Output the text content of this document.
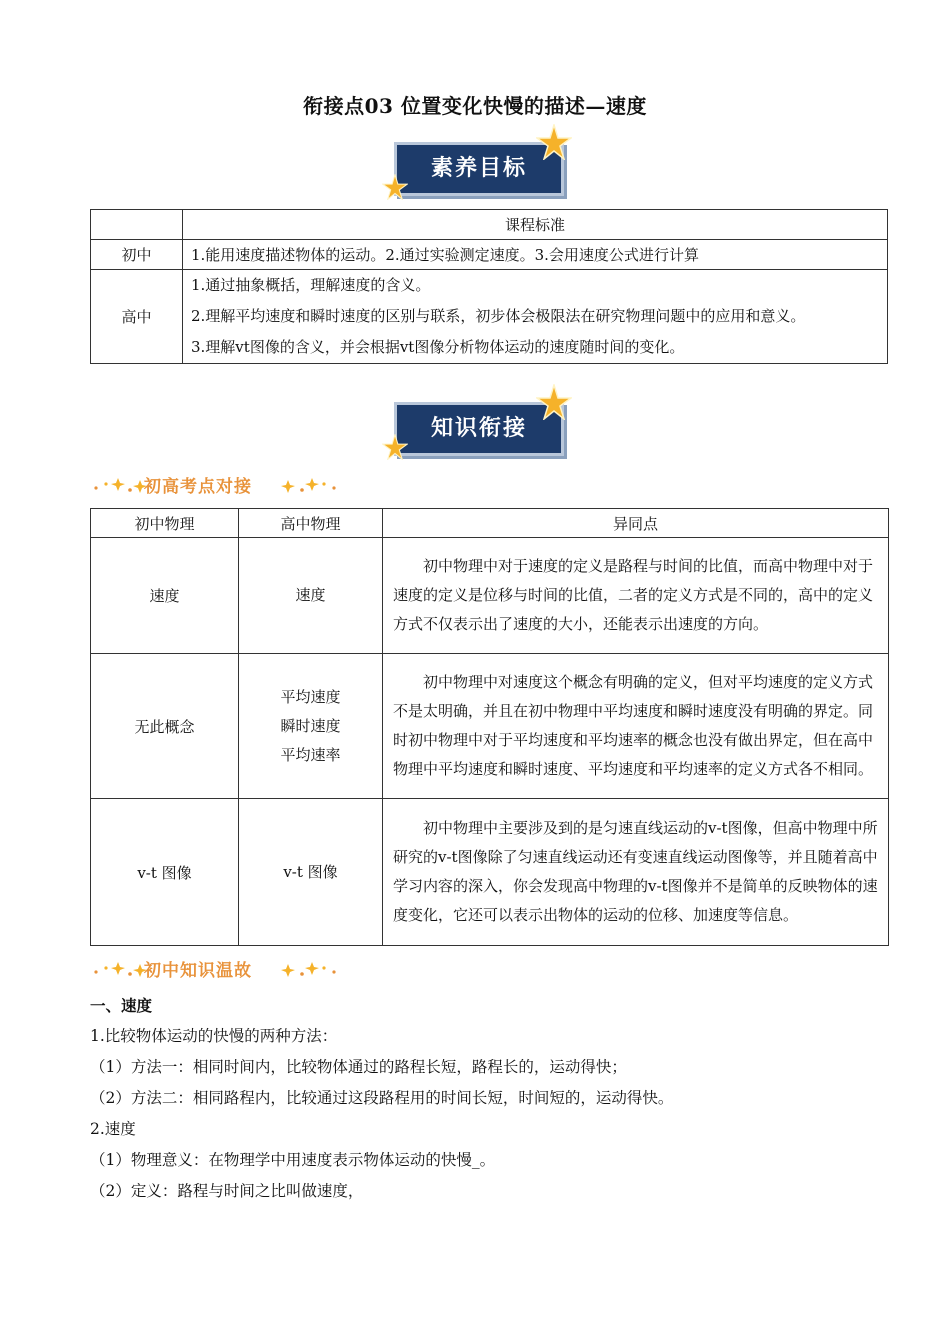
衔接点03 位置变化快慢的描述—速度
素养目标
	课程标准
初中	1.能用速度描述物体的运动。2.通过实验测定速度。3.会用速度公式进行计算
高中	1.通过抽象概括，理解速度的含义。
2.理解平均速度和瞬时速度的区别与联系，初步体会极限法在研究物理问题中的应用和意义。
3.理解vt图像的含义，并会根据vt图像分析物体运动的速度随时间的变化。
知识衔接
初高考点对接
初中物理	高中物理	异同点
速度	速度	初中物理中对于速度的定义是路程与时间的比值，而高中物理中对于速度的定义是位移与时间的比值，二者的定义方式是不同的，高中的定义方式不仅表示出了速度的大小，还能表示出速度的方向。
无此概念	平均速度
瞬时速度
平均速率	初中物理中对速度这个概念有明确的定义，但对平均速度的定义方式不是太明确，并且在初中物理中平均速度和瞬时速度没有明确的界定。同时初中物理中对于平均速度和平均速率的概念也没有做出界定，但在高中物理中平均速度和瞬时速度、平均速度和平均速率的定义方式各不相同。
v-t 图像	v-t 图像	初中物理中主要涉及到的是匀速直线运动的v-t图像，但高中物理中所研究的v-t图像除了匀速直线运动还有变速直线运动图像等，并且随着高中学习内容的深入，你会发现高中物理的v-t图像并不是简单的反映物体的速度变化，它还可以表示出物体的运动的位移、加速度等信息。
初中知识温故
一、速度
1.比较物体运动的快慢的两种方法：
（1）方法一：相同时间内，比较物体通过的路程长短，路程长的，运动得快；
（2）方法二：相同路程内，比较通过这段路程用的时间长短，时间短的，运动得快。
2.速度
（1）物理意义：在物理学中用速度表示物体运动的快慢_。
（2）定义：路程与时间之比叫做速度，
